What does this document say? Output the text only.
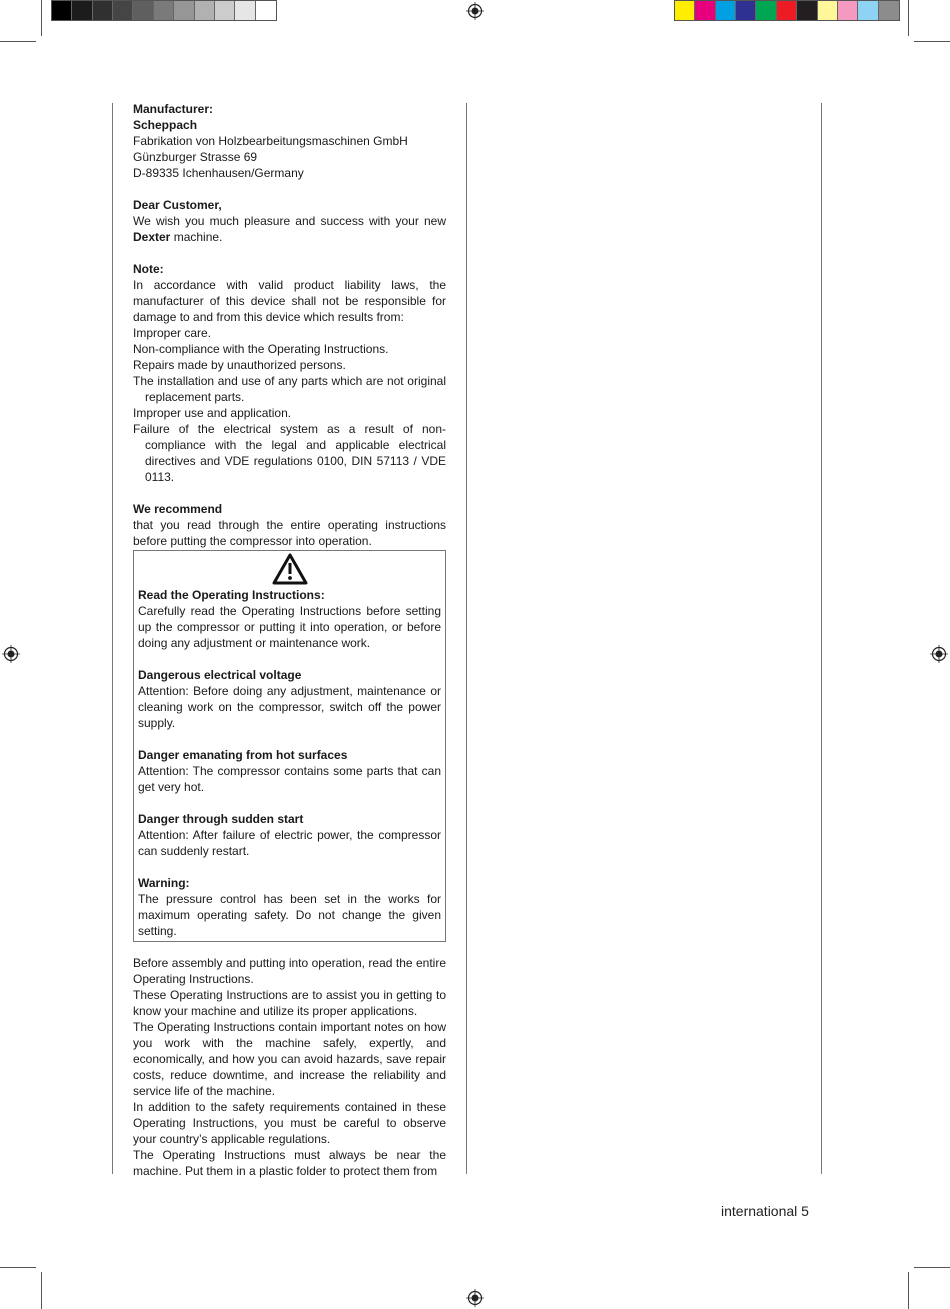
Manufacturer:

Scheppach

Fabrikation von Holzbearbeitungsmaschinen GmbH

Günzburger Strasse 69

D-89335 Ichenhausen/Germany

Dear Customer,

We wish you much pleasure and success with your new Dexter machine.

Note:

In accordance with valid product liability laws, the manufacturer of this device shall not be responsible for damage to and from this device which results from:

Improper care.

Non-compliance with the Operating Instructions.

Repairs made by unauthorized persons.

The installation and use of any parts which are not original replacement parts.

Improper use and application.

Failure of the electrical system as a result of non-compliance with the legal and applicable electrical directives and VDE regulations 0100, DIN 57113 / VDE 0113.

We recommend

that you read through the entire operating instructions before putting the compressor into operation.

Read the Operating Instructions:

Carefully read the Operating Instructions before setting up the compressor or putting it into operation, or before doing any adjustment or maintenance work.

Dangerous electrical voltage

Attention: Before doing any adjustment, maintenance or cleaning work on the compressor, switch off the power supply.

Danger emanating from hot surfaces

Attention: The compressor contains some parts that can get very hot.

Danger through sudden start

Attention: After failure of electric power, the compressor can suddenly restart.

Warning:

The pressure control has been set in the works for maximum operating safety. Do not change the given setting.

Before assembly and putting into operation, read the entire Operating Instructions.

These Operating Instructions are to assist you in getting to know your machine and utilize its proper applications.

The Operating Instructions contain important notes on how you work with the machine safely, expertly, and economically, and how you can avoid hazards, save repair costs, reduce downtime, and increase the reliability and service life of the machine.

In addition to the safety requirements contained in these Operating Instructions, you must be careful to observe your country’s applicable regulations.

The Operating Instructions must always be near the machine. Put them in a plastic folder to protect them from

international 5
